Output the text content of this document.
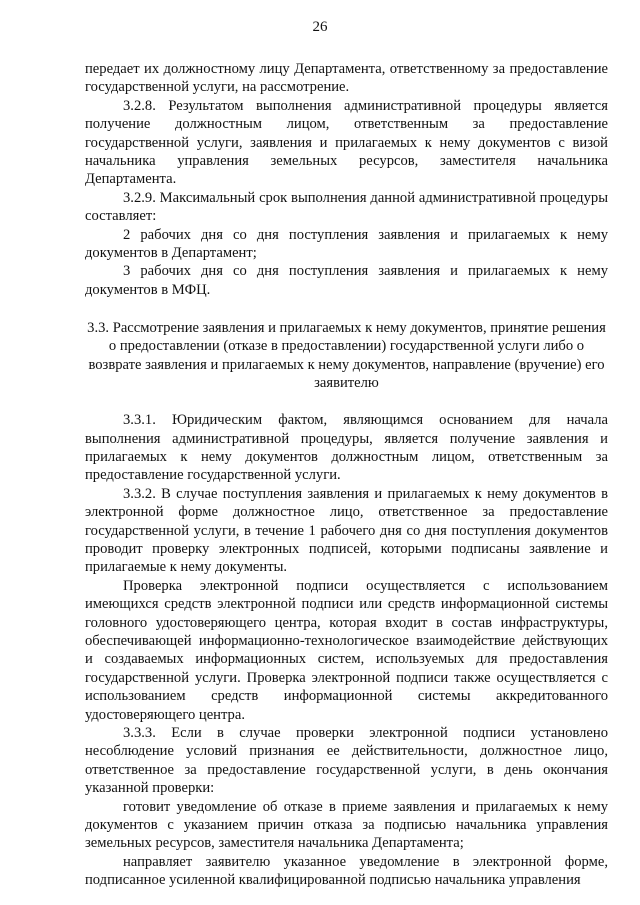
26

передает их должностному лицу Департамента, ответственному за предоставление государственной услуги, на рассмотрение.

3.2.8. Результатом выполнения административной процедуры является получение должностным лицом, ответственным за предоставление государственной услуги, заявления и прилагаемых к нему документов с визой начальника управления земельных ресурсов, заместителя начальника Департамента.

3.2.9. Максимальный срок выполнения данной административной процедуры составляет:

2 рабочих дня со дня поступления заявления и прилагаемых к нему документов в Департамент;

3 рабочих дня со дня поступления заявления и прилагаемых к нему документов в МФЦ.

3.3. Рассмотрение заявления и прилагаемых к нему документов, принятие решения о предоставлении (отказе в предоставлении) государственной услуги либо о возврате заявления и прилагаемых к нему документов, направление (вручение) его заявителю

3.3.1. Юридическим фактом, являющимся основанием для начала выполнения административной процедуры, является получение заявления и прилагаемых к нему документов должностным лицом, ответственным за предоставление государственной услуги.

3.3.2. В случае поступления заявления и прилагаемых к нему документов в электронной форме должностное лицо, ответственное за предоставление государственной услуги, в течение 1 рабочего дня со дня поступления документов проводит проверку электронных подписей, которыми подписаны заявление и прилагаемые к нему документы.

Проверка электронной подписи осуществляется с использованием имеющихся средств электронной подписи или средств информационной системы головного удостоверяющего центра, которая входит в состав инфраструктуры, обеспечивающей информационно-технологическое взаимодействие действующих и создаваемых информационных систем, используемых для предоставления государственной услуги. Проверка электронной подписи также осуществляется с использованием средств информационной системы аккредитованного удостоверяющего центра.

3.3.3. Если в случае проверки электронной подписи установлено несоблюдение условий признания ее действительности, должностное лицо, ответственное за предоставление государственной услуги, в день окончания указанной проверки:

готовит уведомление об отказе в приеме заявления и прилагаемых к нему документов с указанием причин отказа за подписью начальника управления земельных ресурсов, заместителя начальника Департамента;

направляет заявителю указанное уведомление в электронной форме, подписанное усиленной квалифицированной подписью начальника управления
